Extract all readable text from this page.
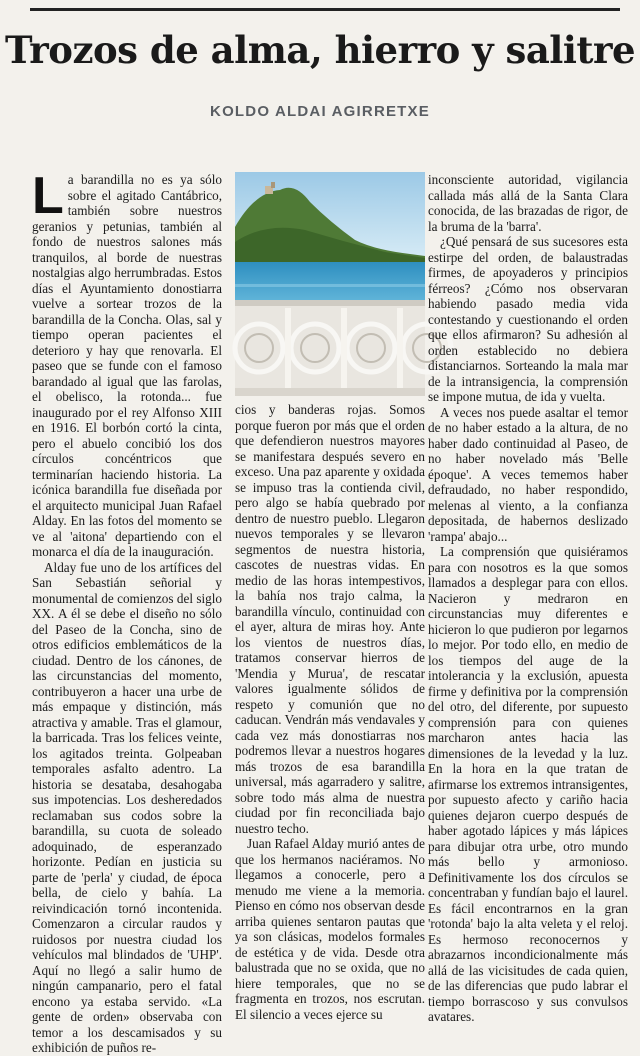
Trozos de alma, hierro y salitre
KOLDO ALDAI AGIRRETXE

La barandilla no es ya sólo sobre el agitado Cantábrico, también sobre nuestros geranios y petunias, también al fondo de nuestros salones más tranquilos, al borde de nuestras nostalgias algo herrumbradas. Estos días el Ayuntamiento donostiarra vuelve a sortear trozos de la barandilla de la Concha. Olas, sal y tiempo operan pacientes el deterioro y hay que renovarla. El paseo que se funde con el famoso barandado al igual que las farolas, el obelisco, la rotonda... fue inaugurado por el rey Alfonso XIII en 1916. El borbón cortó la cinta, pero el abuelo concibió los dos círculos concéntricos que terminarían haciendo historia. La icónica barandilla fue diseñada por el arquitecto municipal Juan Rafael Alday. En las fotos del momento se ve al 'aitona' departiendo con el monarca el día de la inauguración.

Alday fue uno de los artífices del San Sebastián señorial y monumental de comienzos del siglo XX. A él se debe el diseño no sólo del Paseo de la Concha, sino de otros edificios emblemáticos de la ciudad. Dentro de los cánones, de las circunstancias del momento, contribuyeron a hacer una urbe de más empaque y distinción, más atractiva y amable. Tras el glamour, la barricada. Tras los felices veinte, los agitados treinta. Golpeaban temporales asfalto adentro. La historia se desataba, desahogaba sus impotencias. Los desheredados reclamaban sus codos sobre la barandilla, su cuota de soleado adoquinado, de esperanzado horizonte. Pedían en justicia su parte de 'perla' y ciudad, de época bella, de cielo y bahía. La reivindicación tornó incontenida. Comenzaron a circular raudos y ruidosos por nuestra ciudad los vehículos mal blindados de 'UHP'. Aquí no llegó a salir humo de ningún campanario, pero el fatal encono ya estaba servido. «La gente de orden» observaba con temor a los descamisados y su exhibición de puños re-

cios y banderas rojas. Somos porque fueron por más que el orden que defendieron nuestros mayores se manifestara después severo en exceso. Una paz aparente y oxidada se impuso tras la contienda civil, pero algo se había quebrado por dentro de nuestro pueblo. Llegaron nuevos temporales y se llevaron segmentos de nuestra historia, cascotes de nuestras vidas. En medio de las horas intempestivos, la bahía nos trajo calma, la barandilla vínculo, continuidad con el ayer, altura de miras hoy. Ante los vientos de nuestros días, tratamos conservar hierros de 'Mendia y Murua', de rescatar valores igualmente sólidos de respeto y comunión que no caducan. Vendrán más vendavales y cada vez más donostiarras nos podremos llevar a nuestros hogares más trozos de esa barandilla universal, más agarradero y salitre, sobre todo más alma de nuestra ciudad por fin reconciliada bajo nuestro techo.

Juan Rafael Alday murió antes de que los hermanos naciéramos. No llegamos a conocerle, pero a menudo me viene a la memoria. Pienso en cómo nos observan desde arriba quienes sentaron pautas que ya son clásicas, modelos formales de estética y de vida. Desde otra balustrada que no se oxida, que no hiere temporales, que no se fragmenta en trozos, nos escrutan. El silencio a veces ejerce su

inconsciente autoridad, vigilancia callada más allá de la Santa Clara conocida, de las brazadas de rigor, de la bruma de la 'barra'.

¿Qué pensará de sus sucesores esta estirpe del orden, de balaustradas firmes, de apoyaderos y principios férreos? ¿Cómo nos observaran habiendo pasado media vida contestando y cuestionando el orden que ellos afirmaron? Su adhesión al orden establecido no debiera distanciarnos. Sorteando la mala mar de la intransigencia, la comprensión se impone mutua, de ida y vuelta.

A veces nos puede asaltar el temor de no haber estado a la altura, de no haber dado continuidad al Paseo, de no haber novelado más 'Belle époque'. A veces tememos haber defraudado, no haber respondido, melenas al viento, a la confianza depositada, de habernos deslizado 'rampa' abajo...

La comprensión que quisiéramos para con nosotros es la que somos llamados a desplegar para con ellos. Nacieron y medraron en circunstancias muy diferentes e hicieron lo que pudieron por legarnos lo mejor. Por todo ello, en medio de los tiempos del auge de la intolerancia y la exclusión, apuesta firme y definitiva por la comprensión del otro, del diferente, por supuesto comprensión para con quienes marcharon antes hacia las dimensiones de la levedad y la luz. En la hora en la que tratan de afirmarse los extremos intransigentes, por supuesto afecto y cariño hacia quienes dejaron cuerpo después de haber agotado lápices y más lápices para dibujar otra urbe, otro mundo más bello y armonioso. Definitivamente los dos círculos se concentraban y fundían bajo el laurel. Es fácil encontrarnos en la gran 'rotonda' bajo la alta veleta y el reloj. Es hermoso reconocernos y abrazarnos incondicionalmente más allá de las vicisitudes de cada quien, de las diferencias que pudo labrar el tiempo borrascoso y sus convulsos avatares.
